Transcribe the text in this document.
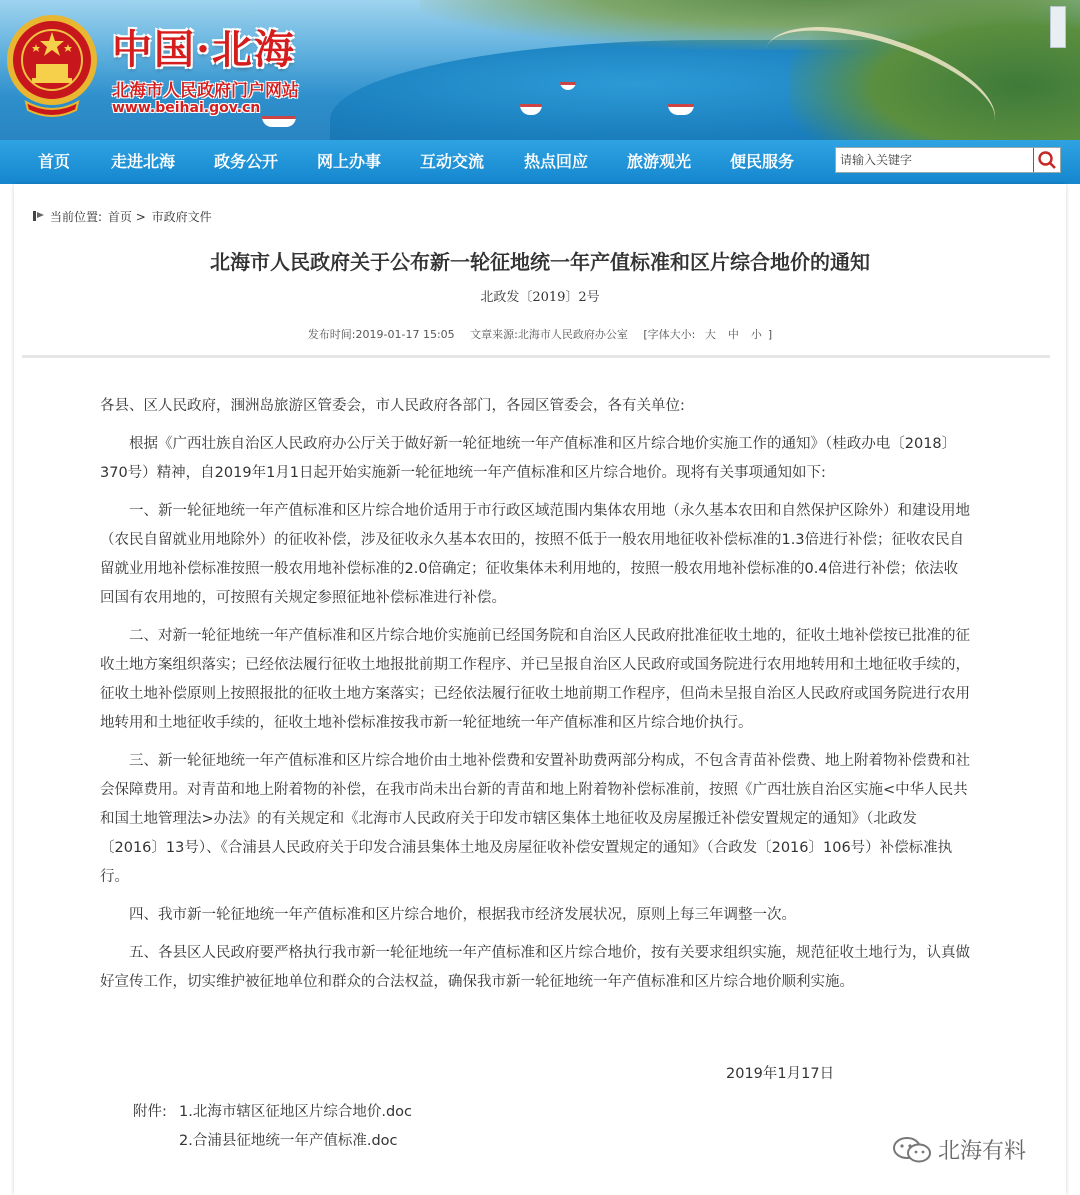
中国·北海
北海市人民政府门户网站
www.beihai.gov.cn
首页	走进北海 政务公开 网上办事 互动交流 热点回应 旅游观光 便民服务
请输入关键字
当前位置: 首页 > 市政府文件
北海市人民政府关于公布新一轮征地统一年产值标准和区片综合地价的通知
北政发〔2019〕2号
发布时间:2019-01-17 15:05 文章来源:北海市人民政府办公室 [字体大小: 大 中 小 ]

各县、区人民政府，涠洲岛旅游区管委会，市人民政府各部门，各园区管委会，各有关单位:

根据《广西壮族自治区人民政府办公厅关于做好新一轮征地统一年产值标准和区片综合地价实施工作的通知》（桂政办电〔2018〕370号）精神，自2019年1月1日起开始实施新一轮征地统一年产值标准和区片综合地价。现将有关事项通知如下:

一、新一轮征地统一年产值标准和区片综合地价适用于市行政区域范围内集体农用地（永久基本农田和自然保护区除外）和建设用地（农民自留就业用地除外）的征收补偿，涉及征收永久基本农田的，按照不低于一般农用地征收补偿标准的1.3倍进行补偿；征收农民自留就业用地补偿标准按照一般农用地补偿标准的2.0倍确定；征收集体未利用地的，按照一般农用地补偿标准的0.4倍进行补偿；依法收回国有农用地的，可按照有关规定参照征地补偿标准进行补偿。

二、对新一轮征地统一年产值标准和区片综合地价实施前已经国务院和自治区人民政府批准征收土地的，征收土地补偿按已批准的征收土地方案组织落实；已经依法履行征收土地报批前期工作程序、并已呈报自治区人民政府或国务院进行农用地转用和土地征收手续的，征收土地补偿原则上按照报批的征收土地方案落实；已经依法履行征收土地前期工作程序，但尚未呈报自治区人民政府或国务院进行农用地转用和土地征收手续的，征收土地补偿标准按我市新一轮征地统一年产值标准和区片综合地价执行。

三、新一轮征地统一年产值标准和区片综合地价由土地补偿费和安置补助费两部分构成，不包含青苗补偿费、地上附着物补偿费和社会保障费用。对青苗和地上附着物的补偿，在我市尚未出台新的青苗和地上附着物补偿标准前，按照《广西壮族自治区实施<中华人民共和国土地管理法>办法》的有关规定和《北海市人民政府关于印发市辖区集体土地征收及房屋搬迁补偿安置规定的通知》（北政发〔2016〕13号）、《合浦县人民政府关于印发合浦县集体土地及房屋征收补偿安置规定的通知》（合政发〔2016〕106号）补偿标准执行。

四、我市新一轮征地统一年产值标准和区片综合地价，根据我市经济发展状况，原则上每三年调整一次。

五、各县区人民政府要严格执行我市新一轮征地统一年产值标准和区片综合地价，按有关要求组织实施，规范征收土地行为，认真做好宣传工作，切实维护被征地单位和群众的合法权益，确保我市新一轮征地统一年产值标准和区片综合地价顺利实施。

2019年1月17日
附件: 1.北海市辖区征地区片综合地价.doc
2.合浦县征地统一年产值标准.doc	北海有料
